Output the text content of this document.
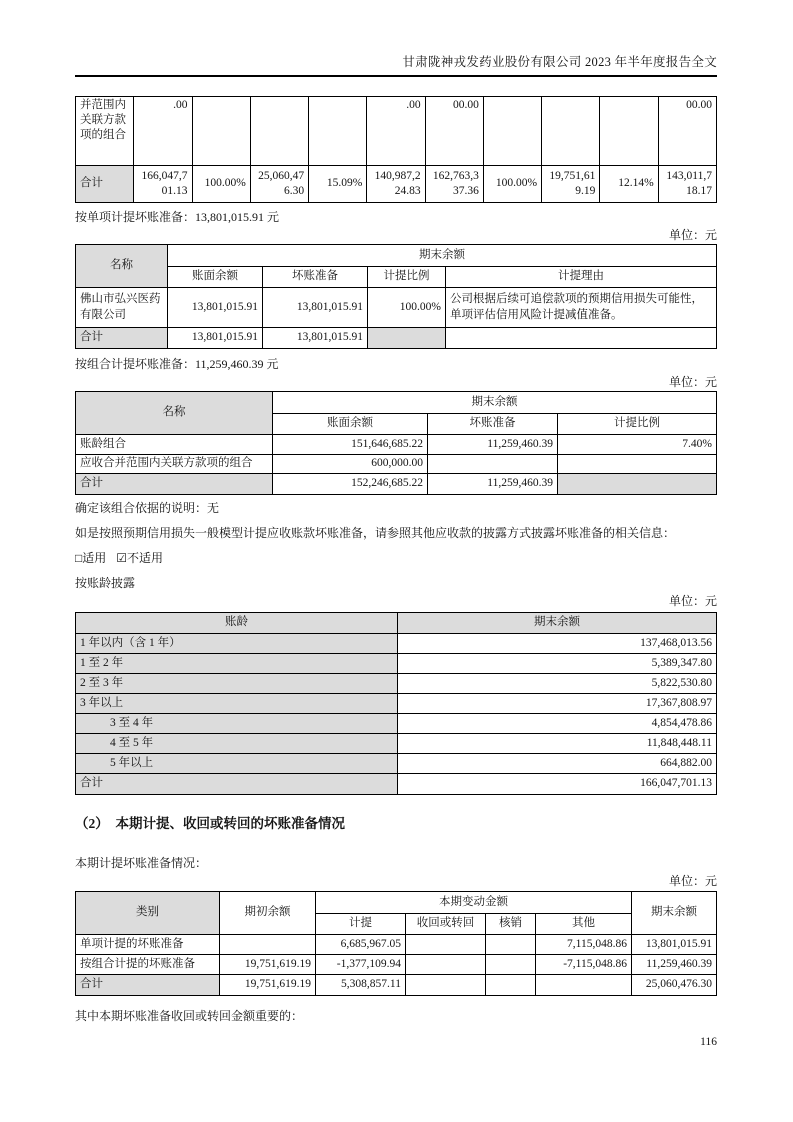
甘肃陇神戎发药业股份有限公司 2023 年半年度报告全文
并范围内关联方款项的组合	.00				.00	00.00				00.00
合计	166,047,701.13	100.00%	25,060,476.30	15.09%	140,987,224.83	162,763,337.36	100.00%	19,751,619.19	12.14%	143,011,718.17
按单项计提坏账准备：13,801,015.91 元
单位：元
名称	期末余额			
	账面余额	坏账准备	计提比例	计提理由
佛山市弘兴医药有限公司	13,801,015.91	13,801,015.91	100.00%	公司根据后续可追偿款项的预期信用损失可能性，单项评估信用风险计提减值准备。
合计	13,801,015.91	13,801,015.91		
按组合计提坏账准备：11,259,460.39 元
单位：元
名称	期末余额		
	账面余额	坏账准备	计提比例
账龄组合	151,646,685.22	11,259,460.39	7.40%
应收合并范围内关联方款项的组合	600,000.00		
合计	152,246,685.22	11,259,460.39	
确定该组合依据的说明：无
如是按照预期信用损失一般模型计提应收账款坏账准备，请参照其他应收款的披露方式披露坏账准备的相关信息：
□适用 ☑不适用
按账龄披露
单位：元
账龄	期末余额
1 年以内（含 1 年）	137,468,013.56
1 至 2 年	5,389,347.80
2 至 3 年	5,822,530.80
3 年以上	17,367,808.97
3 至 4 年	4,854,478.86
4 至 5 年	11,848,448.11
5 年以上	664,882.00
合计	166,047,701.13
（2）　本期计提、收回或转回的坏账准备情况
本期计提坏账准备情况：
单位：元
类别	期初余额	本期变动金额				期末余额
		计提	收回或转回	核销	其他	
单项计提的坏账准备		6,685,967.05			7,115,048.86	13,801,015.91
按组合计提的坏账准备	19,751,619.19	-1,377,109.94			-7,115,048.86	11,259,460.39
合计	19,751,619.19	5,308,857.11				25,060,476.30
其中本期坏账准备收回或转回金额重要的：
116
